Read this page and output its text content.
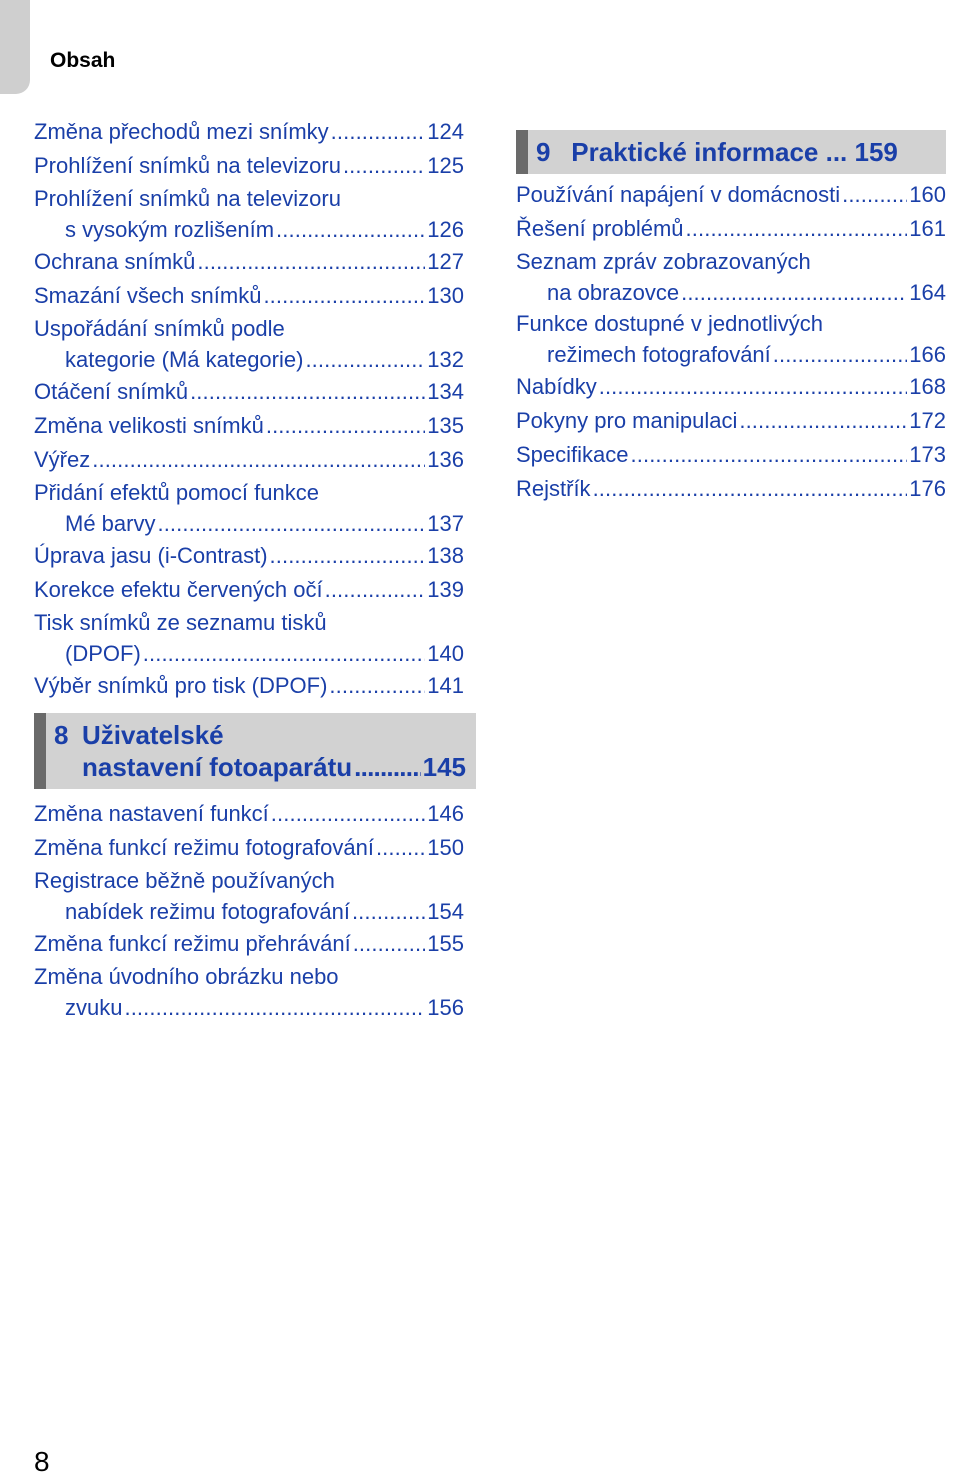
Obsah
Změna přechodů mezi snímky . . .	124
Prohlížení snímků na televizoru . . .	125
Prohlížení snímků na televizoru
s vysokým rozlišením . . .	126
Ochrana snímků . . .	127
Smazání všech snímků . . .	130
Uspořádání snímků podle
kategorie (Má kategorie) . . .	132
Otáčení snímků . . .	134
Změna velikosti snímků . . .	135
Výřez . . .	136
Přidání efektů pomocí funkce
Mé barvy . . .	137
Úprava jasu (i-Contrast) . . .	138
Korekce efektu červených očí . . .	139
Tisk snímků ze seznamu tisků
(DPOF) . . .	140
Výběr snímků pro tisk (DPOF) . . .	141
8 Uživatelské
nastavení fotoaparátu . . .	145
Změna nastavení funkcí . . .	146
Změna funkcí režimu fotografování . . . 150
Registrace běžně používaných
nabídek režimu fotografování . . .	154
Změna funkcí režimu přehrávání . . .	155
Změna úvodního obrázku nebo
zvuku . . .	156
9 Praktické informace ... 159
Používání napájení v domácnosti . . .	160
Řešení problémů . . .	161
Seznam zpráv zobrazovaných
na obrazovce . . .	164
Funkce dostupné v jednotlivých
režimech fotografování . . .	166
Nabídky . . .	168
Pokyny pro manipulaci . . .	172
Specifikace . . .	173
Rejstřík . . .	176
8
